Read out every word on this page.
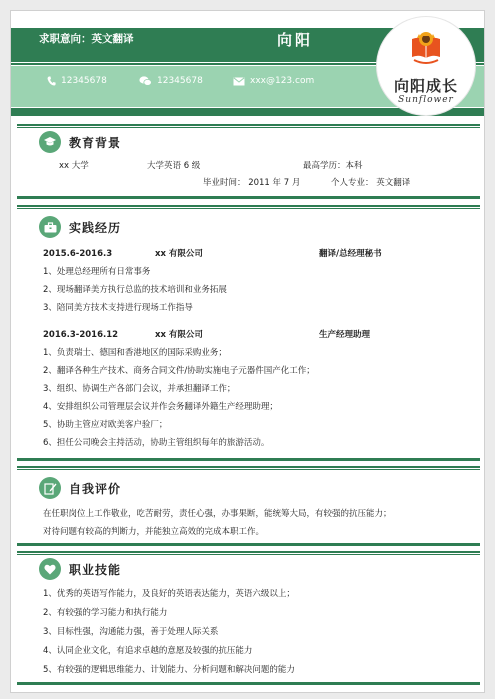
求职意向：英文翻译	向阳
12345678	12345678	xxx@123.com	向阳成长
Sunflower
教育背景
xx 大学	大学英语 6 级	最高学历：本科
毕业时间： 2011 年 7 月	个人专业： 英文翻译
实践经历
2015.6-2016.3	xx 有限公司	翻译/总经理秘书
1、处理总经理所有日常事务
2、现场翻译美方执行总监的技术培训和业务拓展
3、陪同美方技术支持进行现场工作指导
2016.3-2016.12	xx 有限公司	生产经理助理
1、负责瑞士、德国和香港地区的国际采购业务；
2、翻译各种生产技术、商务合同文件/协助实施电子元器件国产化工作；
3、组织、协调生产各部门会议，并承担翻译工作；
4、安排组织公司管理层会议并作会务翻译外籍生产经理助理；
5、协助主管应对欧美客户验厂；
6、担任公司晚会主持活动，协助主管组织每年的旅游活动。
自我评价
在任职岗位上工作敬业，吃苦耐劳，责任心强，办事果断，能统筹大局，有较强的抗压能力；
对待问题有较高的判断力，并能独立高效的完成本职工作。
职业技能
1、优秀的英语写作能力，及良好的英语表达能力，英语六级以上；
2、有较强的学习能力和执行能力
3、目标性强，沟通能力强，善于处理人际关系
4、认同企业文化，有追求卓越的意愿及较强的抗压能力
5、有较强的逻辑思维能力、计划能力、分析问题和解决问题的能力
